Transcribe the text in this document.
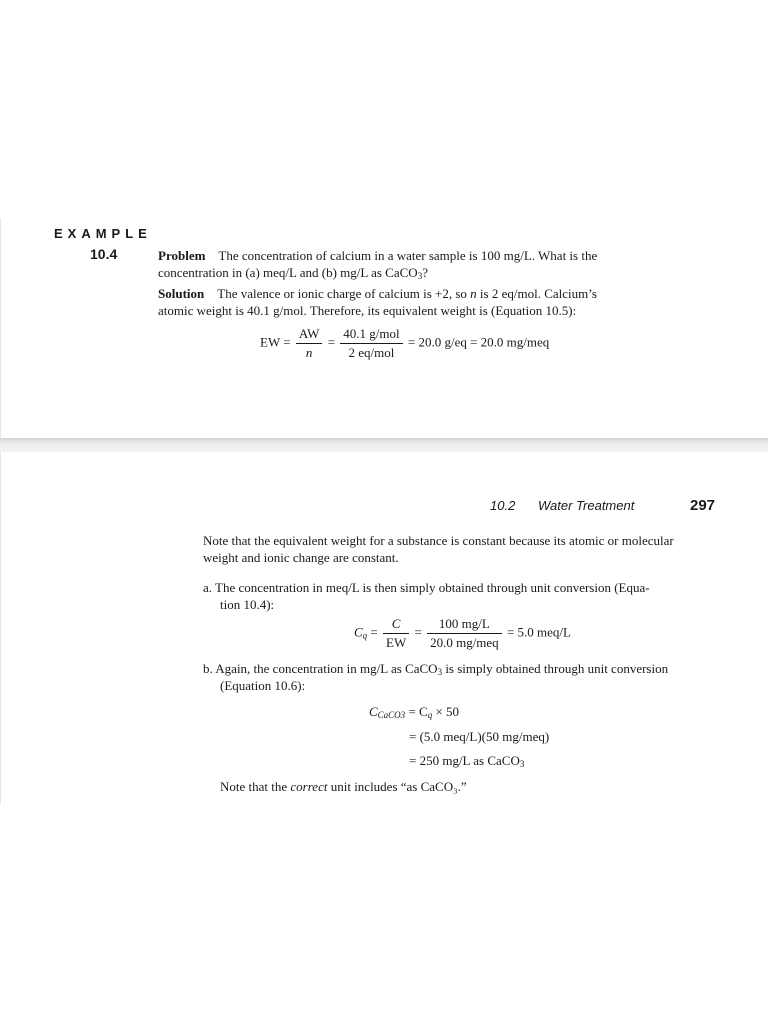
EXAMPLE
10.4	Problem The concentration of calcium in a water sample is 100 mg/L. What is the
concentration in (a) meq/L and (b) mg/L as CaCO$_3$?
Solution The valence or ionic charge of calcium is +2, so n is 2 eq/mol. Calcium’s
atomic weight is 40.1 g/mol. Therefore, its equivalent weight is (Equation 10.5):
EW = $\frac{AW}{n} = \frac{\text{40.1 g/mol}}{\text{2 eq/mol}} = 20.0$ g/eq = 20.0 mg/meq
10.2 Water Treatment	297
Note that the equivalent weight for a substance is constant because its atomic or molecular
weight and ionic change are constant.
a. The concentration in meq/L is then simply obtained through unit conversion (Equa-
tion 10.4):
$C_q = \frac{C}{EW} = \frac{100 mg/L}{\text{20.0 mg/meq}} = 5.0$ meq/L
b. Again, the concentration in mg/L as CaCO$_3$ is simply obtained through unit conversion
(Equation 10.6):
$C_{CaCO3} = C_q \times 50$
= (5.0 meq/L)(50 mg/meq)
= 250 mg/L as CaCO$_3$
Note that the correct unit includes “as CaCO₃.”
